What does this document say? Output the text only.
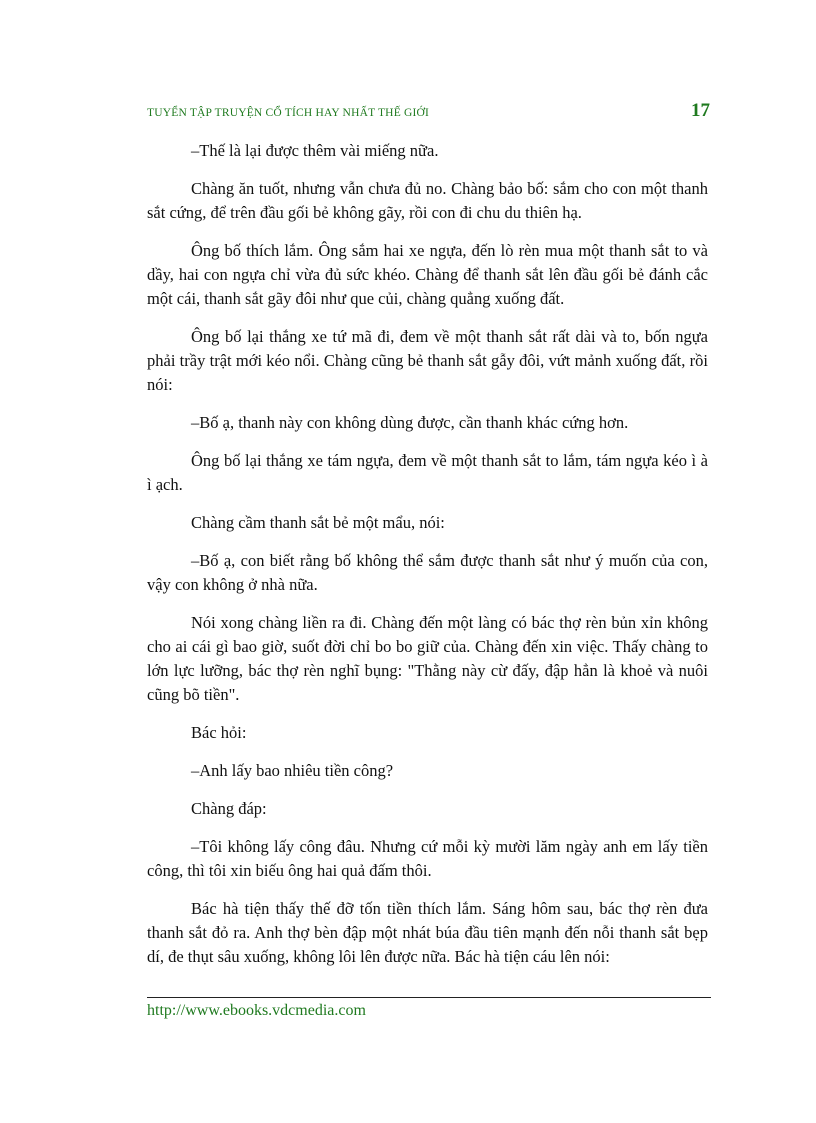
TUYỂN TẬP TRUYỆN CỔ TÍCH HAY NHẤT THẾ GIỚI	17

–Thế là lại được thêm vài miếng nữa.

Chàng ăn tuốt, nhưng vẫn chưa đủ no. Chàng bảo bố: sắm cho con một thanh sắt cứng, để trên đầu gối bẻ không gãy, rồi con đi chu du thiên hạ.

Ông bố thích lắm. Ông sắm hai xe ngựa, đến lò rèn mua một thanh sắt to và dầy, hai con ngựa chỉ vừa đủ sức khéo. Chàng để thanh sắt lên đầu gối bẻ đánh cắc một cái, thanh sắt gãy đôi như que củi, chàng quẳng xuống đất.

Ông bố lại thắng xe tứ mã đi, đem về một thanh sắt rất dài và to, bốn ngựa phải trầy trật mới kéo nổi. Chàng cũng bẻ thanh sắt gẫy đôi, vứt mảnh xuống đất, rồi nói:

–Bố ạ, thanh này con không dùng được, cần thanh khác cứng hơn.

Ông bố lại thắng xe tám ngựa, đem về một thanh sắt to lắm, tám ngựa kéo ì à ì ạch.

Chàng cầm thanh sắt bẻ một mẩu, nói:

–Bố ạ, con biết rằng bố không thể sắm được thanh sắt như ý muốn của con, vậy con không ở nhà nữa.

Nói xong chàng liền ra đi. Chàng đến một làng có bác thợ rèn bủn xỉn không cho ai cái gì bao giờ, suốt đời chỉ bo bo giữ của. Chàng đến xin việc. Thấy chàng to lớn lực lưỡng, bác thợ rèn nghĩ bụng: "Thằng này cừ đấy, đập hẳn là khoẻ và nuôi cũng bõ tiền".

Bác hỏi:

–Anh lấy bao nhiêu tiền công?

Chàng đáp:

–Tôi không lấy công đâu. Nhưng cứ mỗi kỳ mười lăm ngày anh em lấy tiền công, thì tôi xin biếu ông hai quả đấm thôi.

Bác hà tiện thấy thế đỡ tốn tiền thích lắm. Sáng hôm sau, bác thợ rèn đưa thanh sắt đỏ ra. Anh thợ bèn đập một nhát búa đầu tiên mạnh đến nỗi thanh sắt bẹp dí, đe thụt sâu xuống, không lôi lên được nữa. Bác hà tiện cáu lên nói:

http://www.ebooks.vdcmedia.com
